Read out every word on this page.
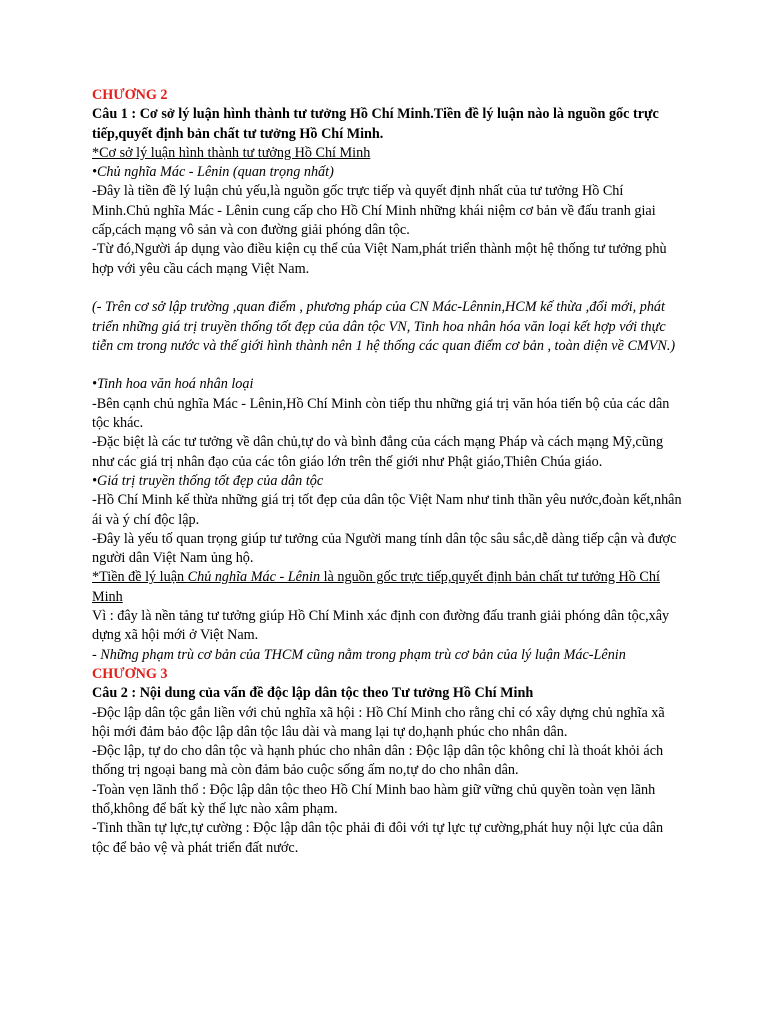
CHƯƠNG 2

Câu 1 : Cơ sở lý luận hình thành tư tưởng Hồ Chí Minh.Tiền đề lý luận nào là nguồn gốc trực tiếp,quyết định bản chất tư tưởng Hồ Chí Minh.

*Cơ sở lý luận hình thành tư tưởng Hồ Chí Minh

•Chủ nghĩa Mác - Lênin (quan trọng nhất)

-Đây là tiền đề lý luận chủ yếu,là nguồn gốc trực tiếp và quyết định nhất của tư tưởng Hồ Chí Minh.Chủ nghĩa Mác - Lênin cung cấp cho Hồ Chí Minh những khái niệm cơ bản về đấu tranh giai cấp,cách mạng vô sản và con đường giải phóng dân tộc.

-Từ đó,Người áp dụng vào điều kiện cụ thể của Việt Nam,phát triển thành một hệ thống tư tưởng phù hợp với yêu cầu cách mạng Việt Nam.

(- Trên cơ sở lập trường ,quan điểm , phương pháp của CN Mác-Lênnin,HCM kế thừa ,đổi mới, phát triển những giá trị truyền thống tốt đẹp của dân tộc VN, Tinh hoa nhân hóa văn loại kết hợp với thực tiễn cm trong nước và thế giới hình thành nên 1 hệ thống các quan điểm cơ bản , toàn diện về CMVN.)

•Tinh hoa văn hoá nhân loại

-Bên cạnh chủ nghĩa Mác - Lênin,Hồ Chí Minh còn tiếp thu những giá trị văn hóa tiến bộ của các dân tộc khác.

-Đặc biệt là các tư tưởng về dân chủ,tự do và bình đẳng của cách mạng Pháp và cách mạng Mỹ,cũng như các giá trị nhân đạo của các tôn giáo lớn trên thế giới như Phật giáo,Thiên Chúa giáo.

•Giá trị truyền thống tốt đẹp của dân tộc

-Hồ Chí Minh kế thừa những giá trị tốt đẹp của dân tộc Việt Nam như tinh thần yêu nước,đoàn kết,nhân ái và ý chí độc lập.

-Đây là yếu tố quan trọng giúp tư tưởng của Người mang tính dân tộc sâu sắc,dễ dàng tiếp cận và được người dân Việt Nam ủng hộ.

*Tiền đề lý luận Chủ nghĩa Mác - Lênin là nguồn gốc trực tiếp,quyết định bản chất tư tưởng Hồ Chí Minh

Vì : đây là nền tảng tư tưởng giúp Hồ Chí Minh xác định con đường đấu tranh giải phóng dân tộc,xây dựng xã hội mới ở Việt Nam.

- Những phạm trù cơ bản của THCM cũng nằm trong phạm trù cơ bản của lý luận Mác-Lênin

CHƯƠNG 3

Câu 2 : Nội dung của vấn đề độc lập dân tộc theo Tư tưởng Hồ Chí Minh

-Độc lập dân tộc gắn liền với chủ nghĩa xã hội : Hồ Chí Minh cho rằng chỉ có xây dựng chủ nghĩa xã hội mới đảm bảo độc lập dân tộc lâu dài và mang lại tự do,hạnh phúc cho nhân dân.

-Độc lập, tự do cho dân tộc và hạnh phúc cho nhân dân : Độc lập dân tộc không chỉ là thoát khỏi ách thống trị ngoại bang mà còn đảm bảo cuộc sống ấm no,tự do cho nhân dân.

-Toàn vẹn lãnh thổ : Độc lập dân tộc theo Hồ Chí Minh bao hàm giữ vững chủ quyền toàn vẹn lãnh thổ,không để bất kỳ thế lực nào xâm phạm.

-Tinh thần tự lực,tự cường : Độc lập dân tộc phải đi đôi với tự lực tự cường,phát huy nội lực của dân tộc để bảo vệ và phát triển đất nước.
